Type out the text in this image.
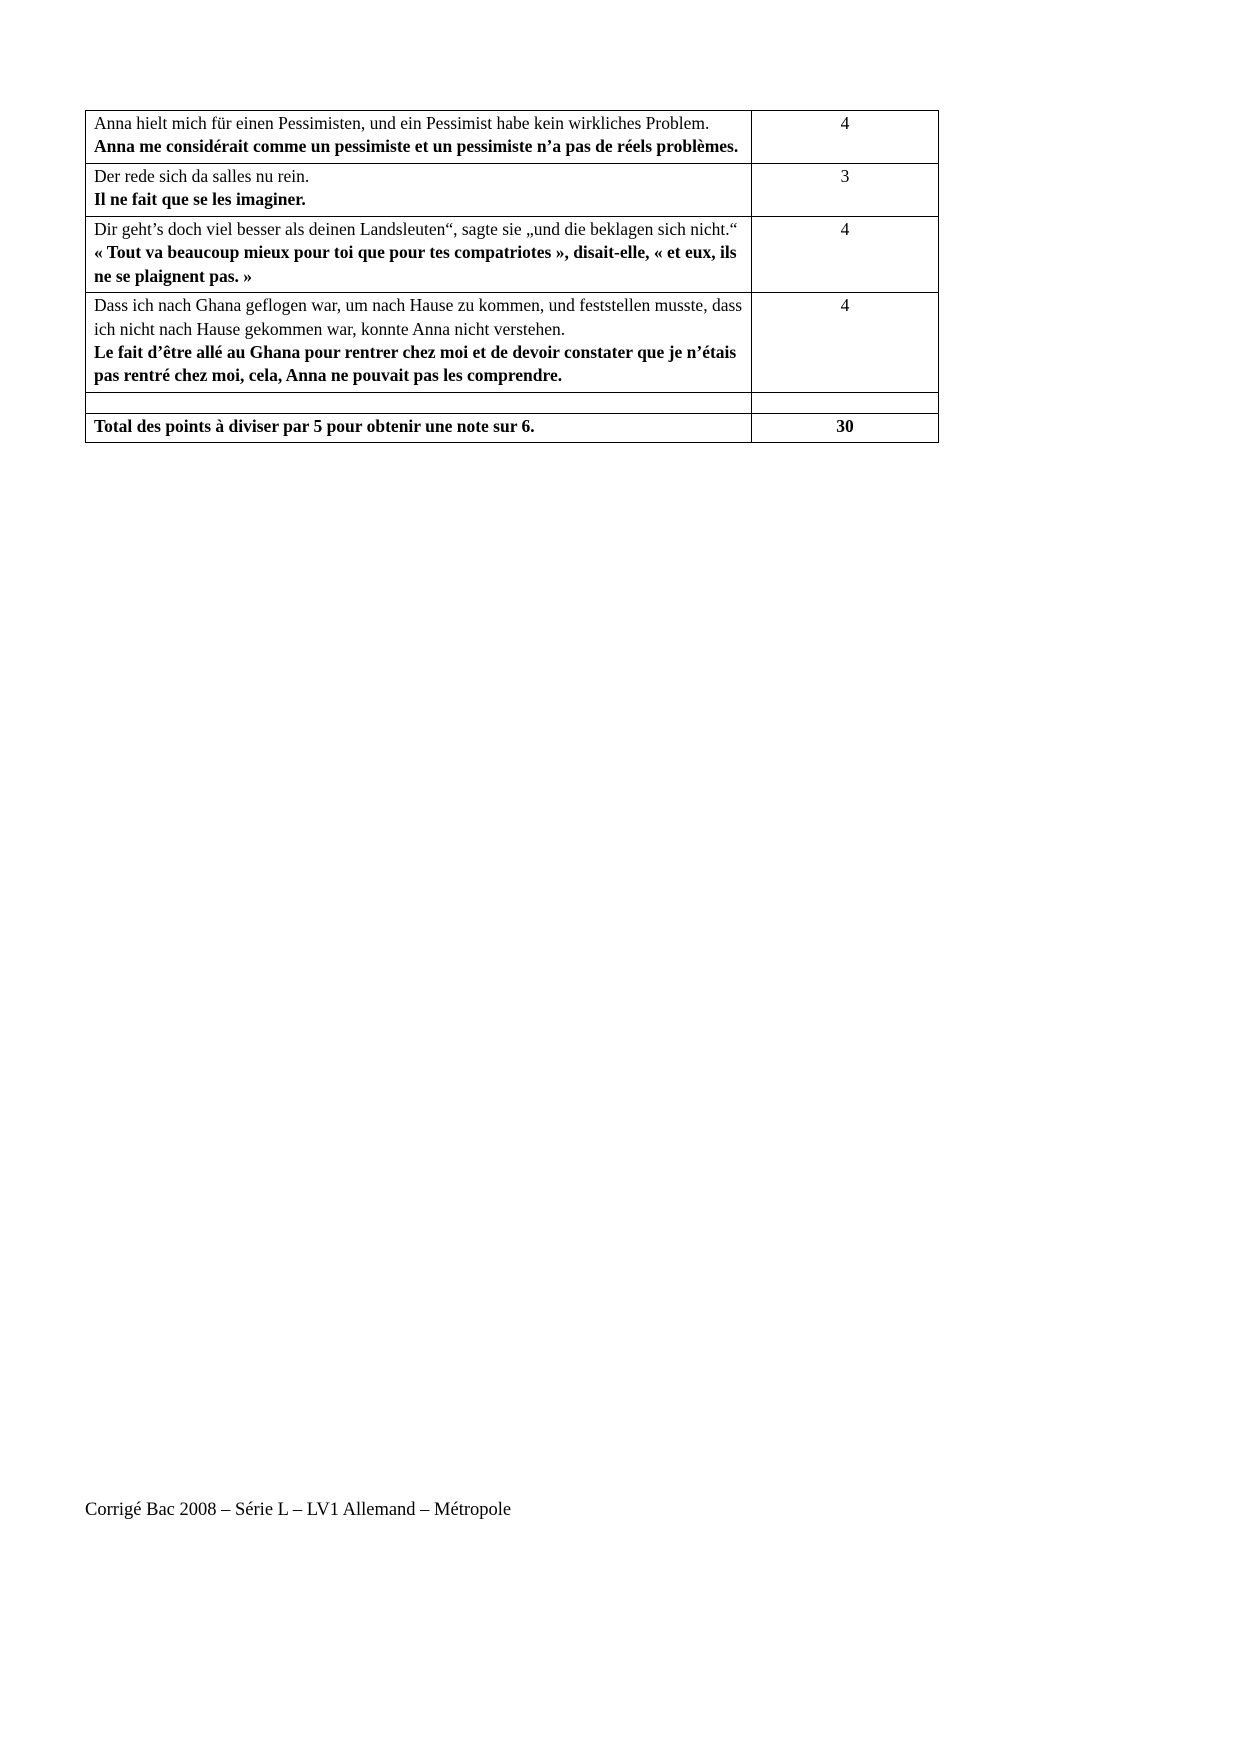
Anna hielt mich für einen Pessimisten, und ein Pessimist habe kein wirkliches Problem.
Anna me considérait comme un pessimiste et un pessimiste n’a pas de réels problèmes.	4

Der rede sich da salles nu rein.
Il ne fait que se les imaginer.	3

Dir geht’s doch viel besser als deinen Landsleuten“, sagte sie „und die beklagen sich nicht.“
« Tout va beaucoup mieux pour toi que pour tes compatriotes », disait-elle, « et eux, ils ne se plaignent pas. »	4

Dass ich nach Ghana geflogen war, um nach Hause zu kommen, und feststellen musste, dass ich nicht nach Hause gekommen war, konnte Anna nicht verstehen.
Le fait d’être allé au Ghana pour rentrer chez moi et de devoir constater que je n’étais pas rentré chez moi, cela, Anna ne pouvait pas les comprendre.	4

Total des points à diviser par 5 pour obtenir une note sur 6.	30
Corrigé Bac 2008 – Série L – LV1 Allemand – Métropole
